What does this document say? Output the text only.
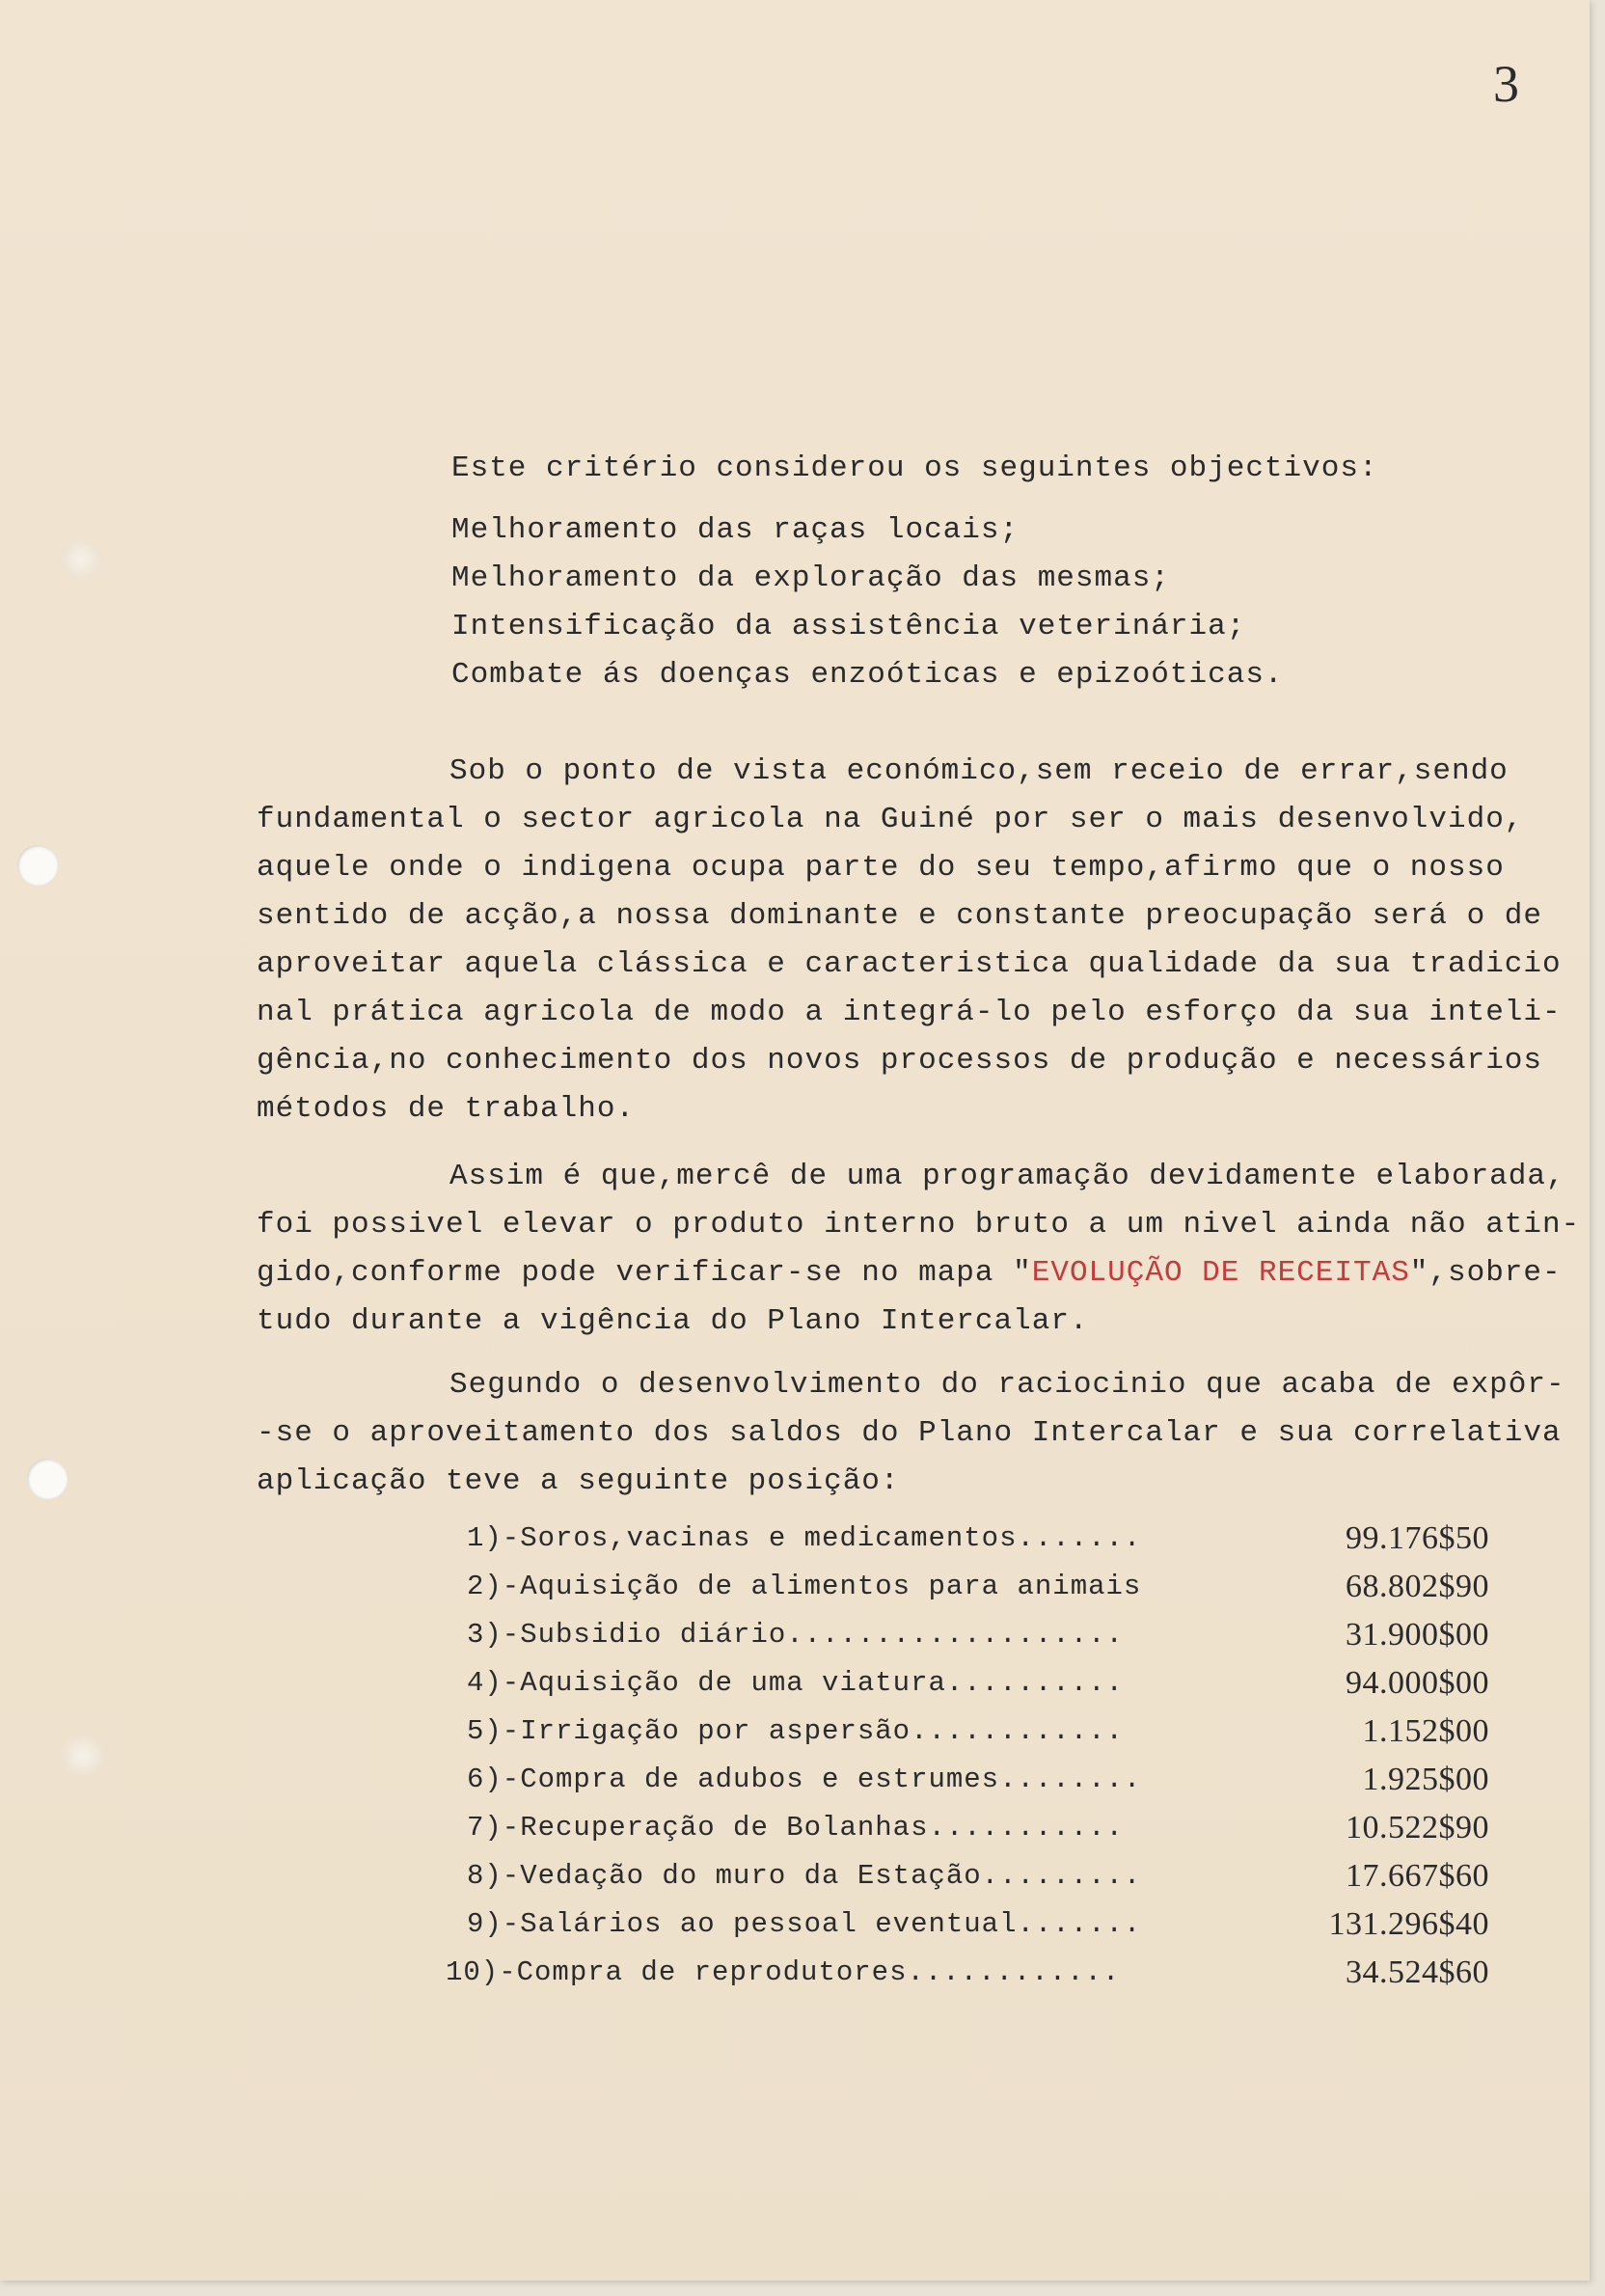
3
Este critério considerou os seguintes objectivos:
Melhoramento das raças locais;
Melhoramento da exploração das mesmas;
Intensificação da assistência veterinária;
Combate ás doenças enzoóticas e epizoóticas.
Sob o ponto de vista económico,sem receio de errar,sendo
fundamental o sector agricola na Guiné por ser o mais desenvolvido,
aquele onde o indigena ocupa parte do seu tempo,afirmo que o nosso
sentido de acção,a nossa dominante e constante preocupação será o de
aproveitar aquela clássica e caracteristica qualidade da sua tradicio
nal prática agricola de modo a integrá-lo pelo esforço da sua inteli-
gência,no conhecimento dos novos processos de produção e necessários
métodos de trabalho.
Assim é que,mercê de uma programação devidamente elaborada,
foi possivel elevar o produto interno bruto a um nivel ainda não atin-
gido,conforme pode verificar-se no mapa "EVOLUÇÃO DE RECEITAS",sobre-
tudo durante a vigência do Plano Intercalar.
Segundo o desenvolvimento do raciocinio que acaba de expôr-
-se o aproveitamento dos saldos do Plano Intercalar e sua correlativa
aplicação teve a seguinte posição:
1)-Soros,vacinas e medicamentos.......	99.176$50
2)-Aquisição de alimentos para animais	68.802$90
3)-Subsidio diário...................	31.900$00
4)-Aquisição de uma viatura..........	94.000$00
5)-Irrigação por aspersão............	1.152$00
6)-Compra de adubos e estrumes........	1.925$00
7)-Recuperação de Bolanhas...........	10.522$90
8)-Vedação do muro da Estação.........	17.667$60
9)-Salários ao pessoal eventual.......	131.296$40
10)-Compra de reprodutores............	34.524$60
